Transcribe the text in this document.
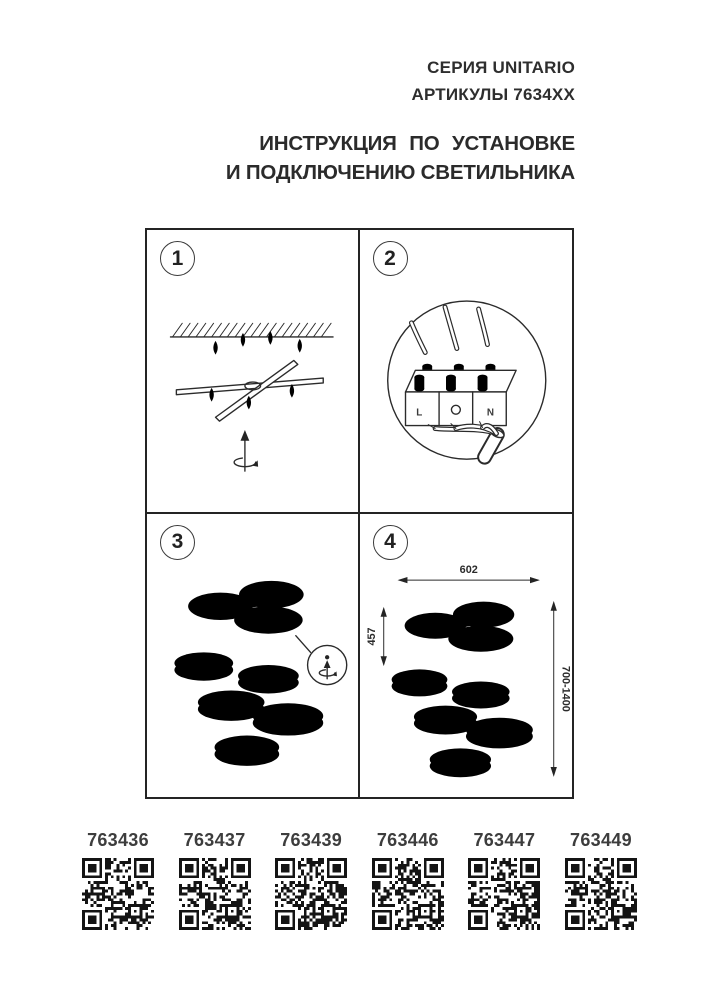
СЕРИЯ UNITARIO
АРТИКУЛЫ 7634XX
ИНСТРУКЦИЯ ПО УСТАНОВКЕ
И ПОДКЛЮЧЕНИЮ СВЕТИЛЬНИКА
1	2
L	N
3	4
602
457
700-1400
763436	763437	763439	763446	763447	763449
